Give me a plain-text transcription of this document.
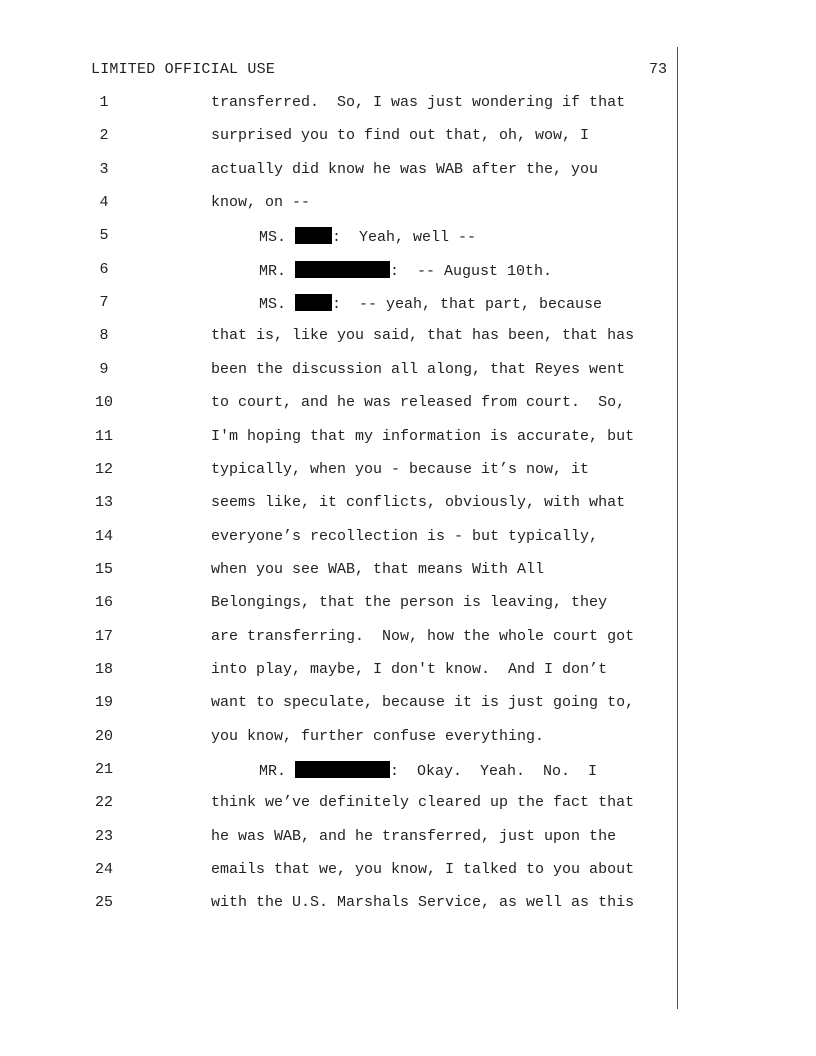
LIMITED OFFICIAL USE	73
1	transferred.  So, I was just wondering if that
2	surprised you to find out that, oh, wow, I
3	actually did know he was WAB after the, you
4	know, on --
5	MS. :  Yeah, well --
6	MR.	:  -- August 10th.
7	MS. :  -- yeah, that part, because
8	that is, like you said, that has been, that has
9	been the discussion all along, that Reyes went
10	to court, and he was released from court.  So,
11	I'm hoping that my information is accurate, but
12	typically, when you - because it’s now, it
13	seems like, it conflicts, obviously, with what
14	everyone’s recollection is - but typically,
15	when you see WAB, that means With All
16	Belongings, that the person is leaving, they
17	are transferring.  Now, how the whole court got
18	into play, maybe, I don't know.  And I don’t
19	want to speculate, because it is just going to,
20	you know, further confuse everything.
21	MR.	:  Okay.  Yeah.  No.  I
22	think we’ve definitely cleared up the fact that
23	he was WAB, and he transferred, just upon the
24	emails that we, you know, I talked to you about
25	with the U.S. Marshals Service, as well as this
